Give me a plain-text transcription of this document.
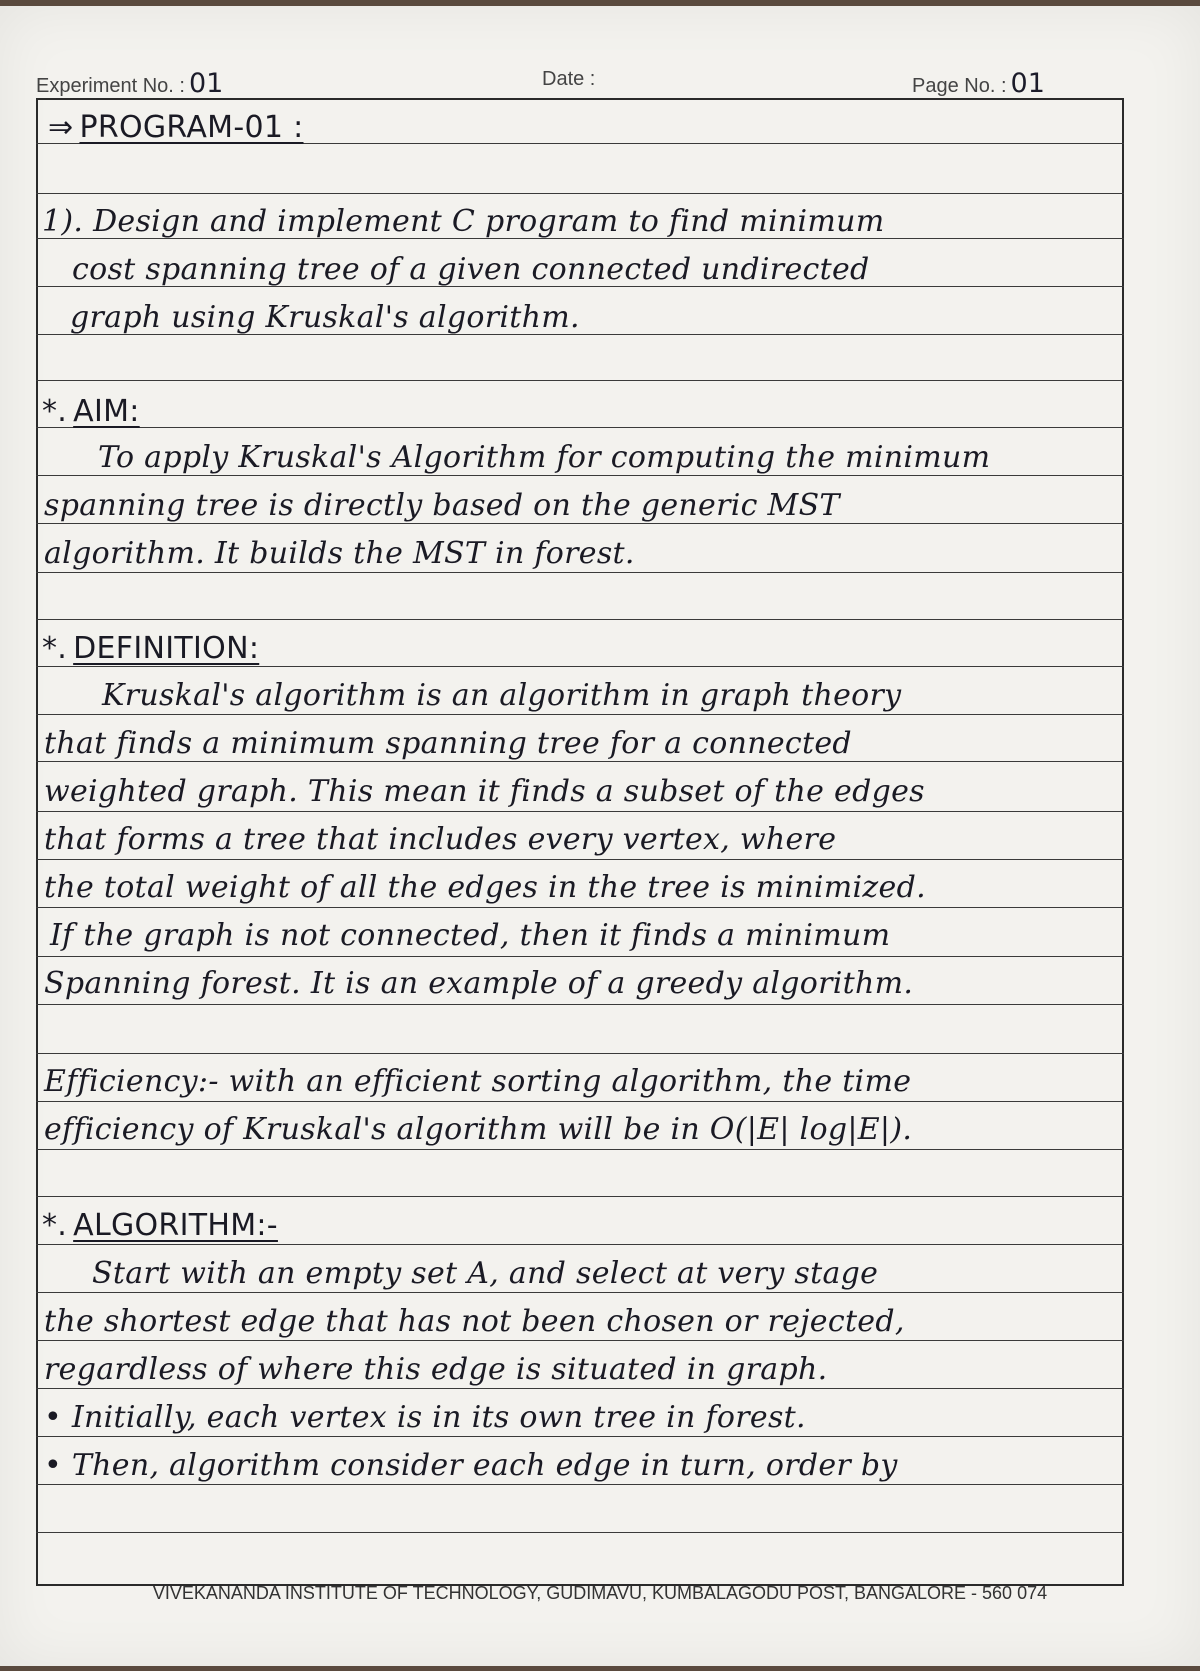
Experiment No. : 01	Date :	Page No. : 01
⇒ PROGRAM-01 :
1). Design and implement C program to find minimum
cost spanning tree of a given connected undirected
graph using Kruskal's algorithm.
*. AIM:
To apply Kruskal's Algorithm for computing the minimum
spanning tree is directly based on the generic MST
algorithm. It builds the MST in forest.
*. DEFINITION:
Kruskal's algorithm is an algorithm in graph theory
that finds a minimum spanning tree for a connected
weighted graph. This mean it finds a subset of the edges
that forms a tree that includes every vertex, where
the total weight of all the edges in the tree is minimized.
If the graph is not connected, then it finds a minimum
Spanning forest. It is an example of a greedy algorithm.
Efficiency:- with an efficient sorting algorithm, the time
efficiency of Kruskal's algorithm will be in O(|E| log|E|).
*. ALGORITHM:-
Start with an empty set A, and select at very stage
the shortest edge that has not been chosen or rejected,
regardless of where this edge is situated in graph.
• Initially, each vertex is in its own tree in forest.
• Then, algorithm consider each edge in turn, order by
VIVEKANANDA INSTITUTE OF TECHNOLOGY, GUDIMAVU, KUMBALAGODU POST, BANGALORE - 560 074
